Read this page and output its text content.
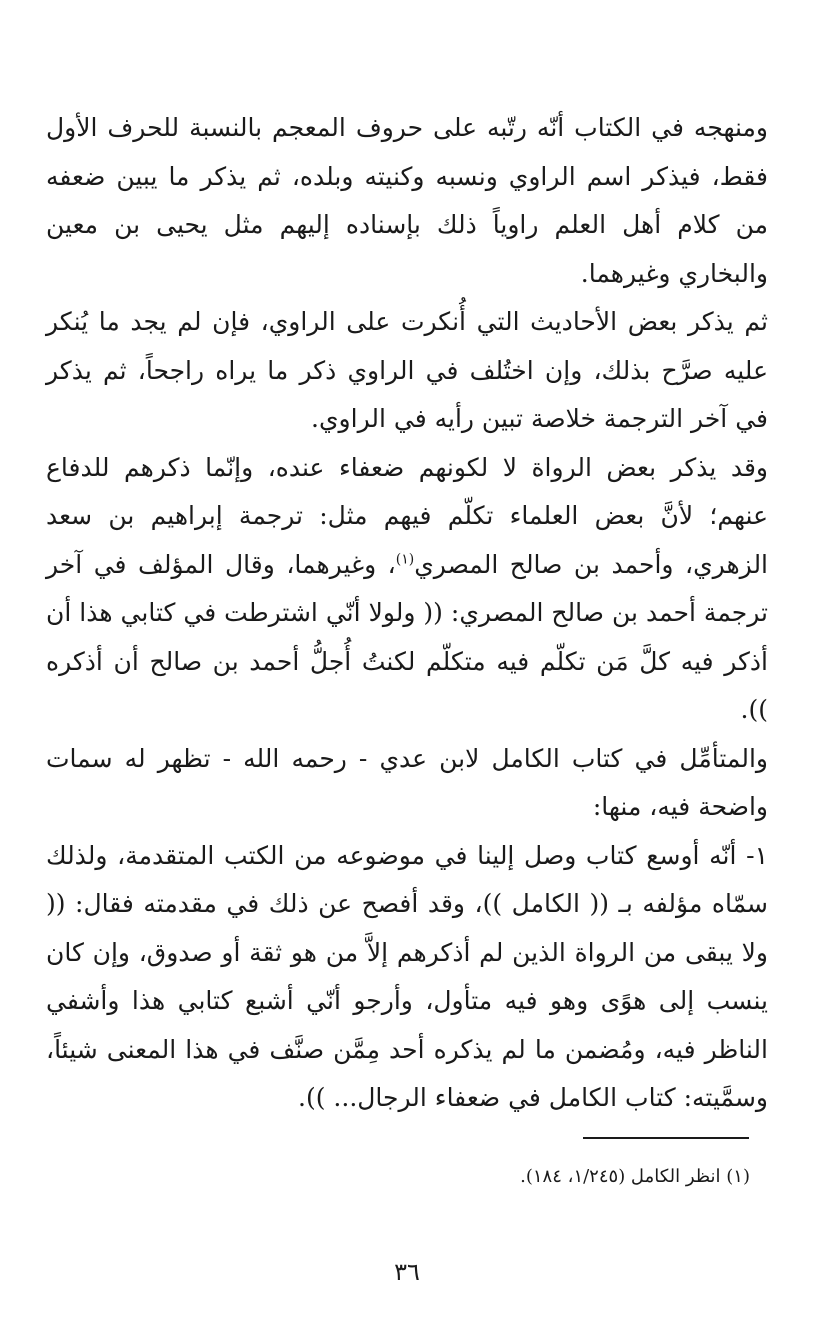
ومنهجه في الكتاب أنّه رتّبه على حروف المعجم بالنسبة للحرف الأول فقط، فيذكر اسم الراوي ونسبه وكنيته وبلده، ثم يذكر ما يبين ضعفه من كلام أهل العلم راوياً ذلك بإسناده إليهم مثل يحيى بن معين والبخاري وغيرهما.

ثم يذكر بعض الأحاديث التي أُنكرت على الراوي، فإن لم يجد ما يُنكر عليه صرَّح بذلك، وإن اختُلف في الراوي ذكر ما يراه راجحاً، ثم يذكر في آخر الترجمة خلاصة تبين رأيه في الراوي.

وقد يذكر بعض الرواة لا لكونهم ضعفاء عنده، وإنّما ذكرهم للدفاع عنهم؛ لأنَّ بعض العلماء تكلّم فيهم مثل: ترجمة إبراهيم بن سعد الزهري، وأحمد بن صالح المصري$^{(١)}$، وغيرهما، وقال المؤلف في آخر ترجمة أحمد بن صالح المصري: (( ولولا أنّي اشترطت في كتابي هذا أن أذكر فيه كلَّ مَن تكلّم فيه متكلّم لكنتُ أُجلُّ أحمد بن صالح أن أذكره )).

والمتأمِّل في كتاب الكامل لابن عدي - رحمه الله - تظهر له سمات واضحة فيه، منها:

١- أنّه أوسع كتاب وصل إلينا في موضوعه من الكتب المتقدمة، ولذلك سمّاه مؤلفه بـ (( الكامل ))، وقد أفصح عن ذلك في مقدمته فقال: (( ولا يبقى من الرواة الذين لم أذكرهم إلاَّ من هو ثقة أو صدوق، وإن كان ينسب إلى هوًى وهو فيه متأول، وأرجو أنّي أشبع كتابي هذا وأشفي الناظر فيه، ومُضمن ما لم يذكره أحد مِمَّن صنَّف في هذا المعنى شيئاً، وسمَّيته: كتاب الكامل في ضعفاء الرجال... )).

(١) انظر الكامل (١/٢٤٥، ١٨٤).

٣٦
